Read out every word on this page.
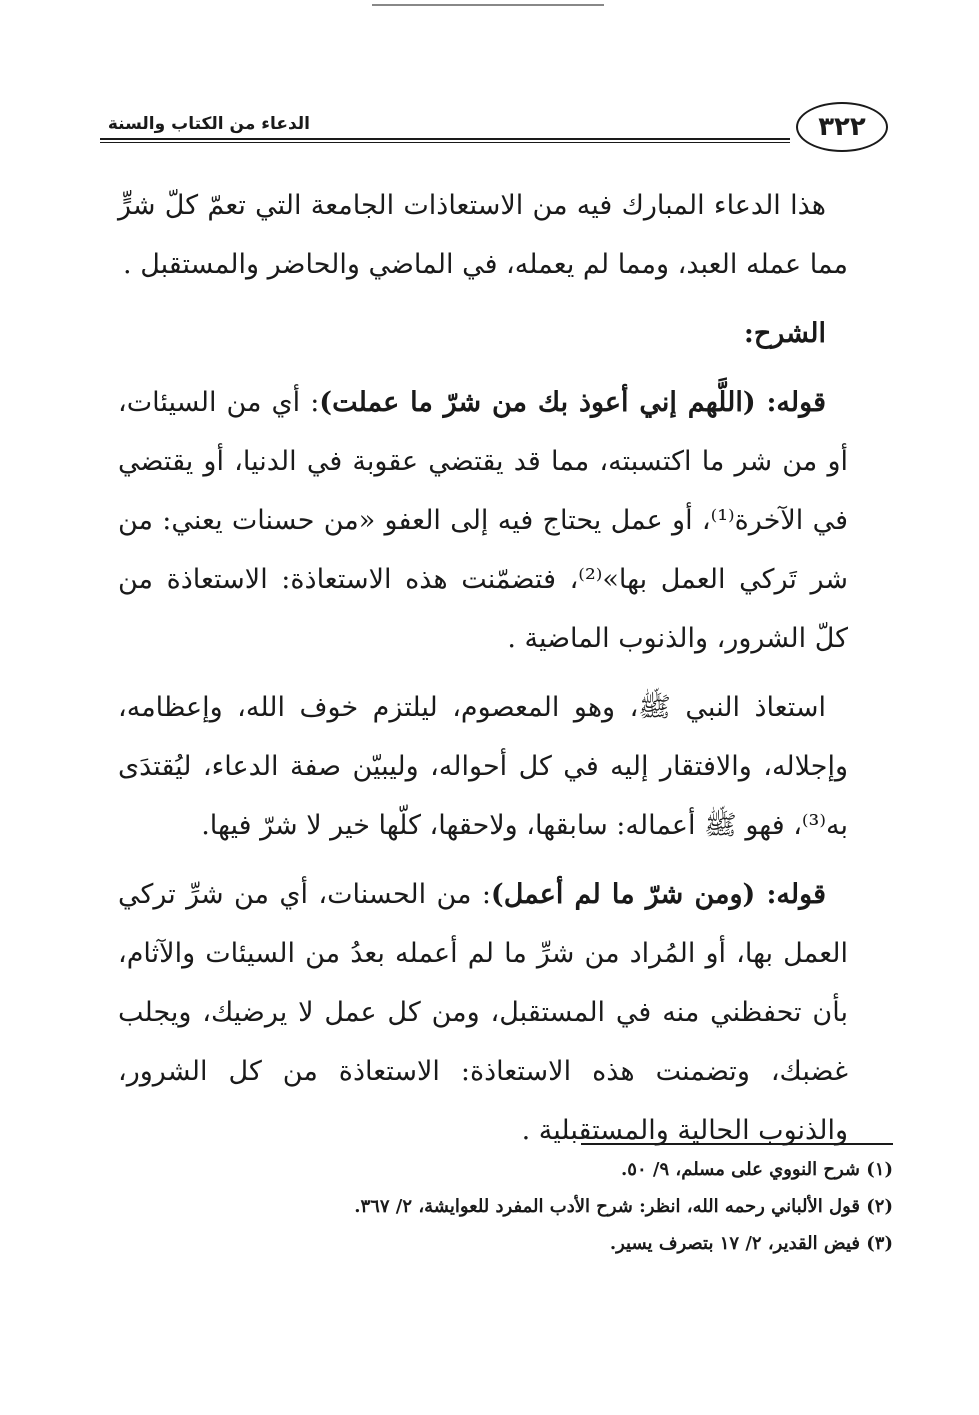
الدعاء من الكتاب والسنة	٣٢٢

هذا الدعاء المبارك فيه من الاستعاذات الجامعة التي تعمّ كلّ شرٍّ مما عمله العبد، ومما لم يعمله، في الماضي والحاضر والمستقبل .

الشرح:

قوله: (اللَّهم إني أعوذ بك من شرّ ما عملت): أي من السيئات، أو من شر ما اكتسبته، مما قد يقتضي عقوبة في الدنيا، أو يقتضي في الآخرة⁽¹⁾، أو عمل يحتاج فيه إلى العفو «من حسنات يعني: من شر تَركي العمل بها»⁽²⁾، فتضمّنت هذه الاستعاذة: الاستعاذة من كلّ الشرور، والذنوب الماضية .

استعاذ النبي ﷺ، وهو المعصوم، ليلتزم خوف الله، وإعظامه، وإجلاله، والافتقار إليه في كل أحواله، وليبيّن صفة الدعاء، ليُقتدَى به⁽³⁾، فهو ﷺ أعماله: سابقها، ولاحقها، كلّها خير لا شرّ فيها.

قوله: (ومن شرّ ما لم أعمل): من الحسنات، أي من شرِّ تركي العمل بها، أو المُراد من شرِّ ما لم أعمله بعدُ من السيئات والآثام، بأن تحفظني منه في المستقبل، ومن كل عمل لا يرضيك، ويجلب غضبك، وتضمنت هذه الاستعاذة: الاستعاذة من كل الشرور، والذنوب الحالية والمستقبلية .

(١) شرح النووي على مسلم، ٩/ ٥٠.

(٢) قول الألباني رحمه الله، انظر: شرح الأدب المفرد للعوايشة، ٢/ ٣٦٧.

(٣) فيض القدير، ٢/ ١٧ بتصرف يسير.
